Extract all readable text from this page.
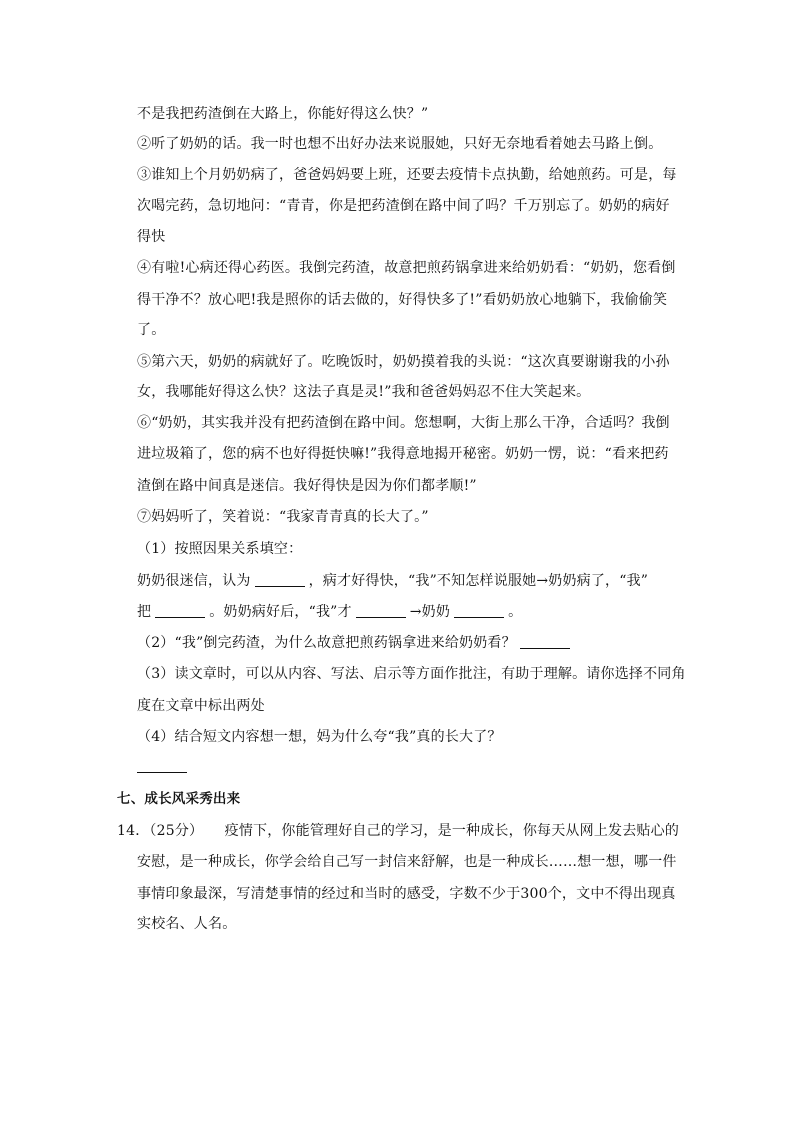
不是我把药渣倒在大路上，你能好得这么快？”
②听了奶奶的话。我一时也想不出好办法来说服她，只好无奈地看着她去马路上倒。
③谁知上个月奶奶病了，爸爸妈妈要上班，还要去疫情卡点执勤，给她煎药。可是，每
次喝完药，急切地问：“青青，你是把药渣倒在路中间了吗？千万别忘了。奶奶的病好
得快
④有啦!心病还得心药医。我倒完药渣，故意把煎药锅拿进来给奶奶看：“奶奶，您看倒
得干净不？放心吧!我是照你的话去做的，好得快多了!”看奶奶放心地躺下，我偷偷笑
了。
⑤第六天，奶奶的病就好了。吃晚饭时，奶奶摸着我的头说：“这次真要谢谢我的小孙
女，我哪能好得这么快？这法子真是灵!”我和爸爸妈妈忍不住大笑起来。
⑥“奶奶，其实我并没有把药渣倒在路中间。您想啊，大街上那么干净，合适吗？我倒
进垃圾箱了，您的病不也好得挺快嘛!”我得意地揭开秘密。奶奶一愣，说：“看来把药
渣倒在路中间真是迷信。我好得快是因为你们都孝顺!”
⑦妈妈听了，笑着说：“我家青青真的长大了。”
（1）按照因果关系填空：
奶奶很迷信，认为	，病才好得快，“我”不知怎样说服她→奶奶病了，“我”
把	。奶奶病好后，“我”才	→奶奶	。
（2）“我”倒完药渣，为什么故意把煎药锅拿进来给奶奶看？
（3）读文章时，可以从内容、写法、启示等方面作批注，有助于理解。请你选择不同角
度在文章中标出两处
（4）结合短文内容想一想，妈为什么夸“我”真的长大了？
七、成长风采秀出来
14．（25分）　　疫情下，你能管理好自己的学习，是一种成长，你每天从网上发去贴心的
安慰，是一种成长，你学会给自己写一封信来舒解，也是一种成长……想一想，哪一件
事情印象最深，写清楚事情的经过和当时的感受，字数不少于300个，文中不得出现真
实校名、人名。
